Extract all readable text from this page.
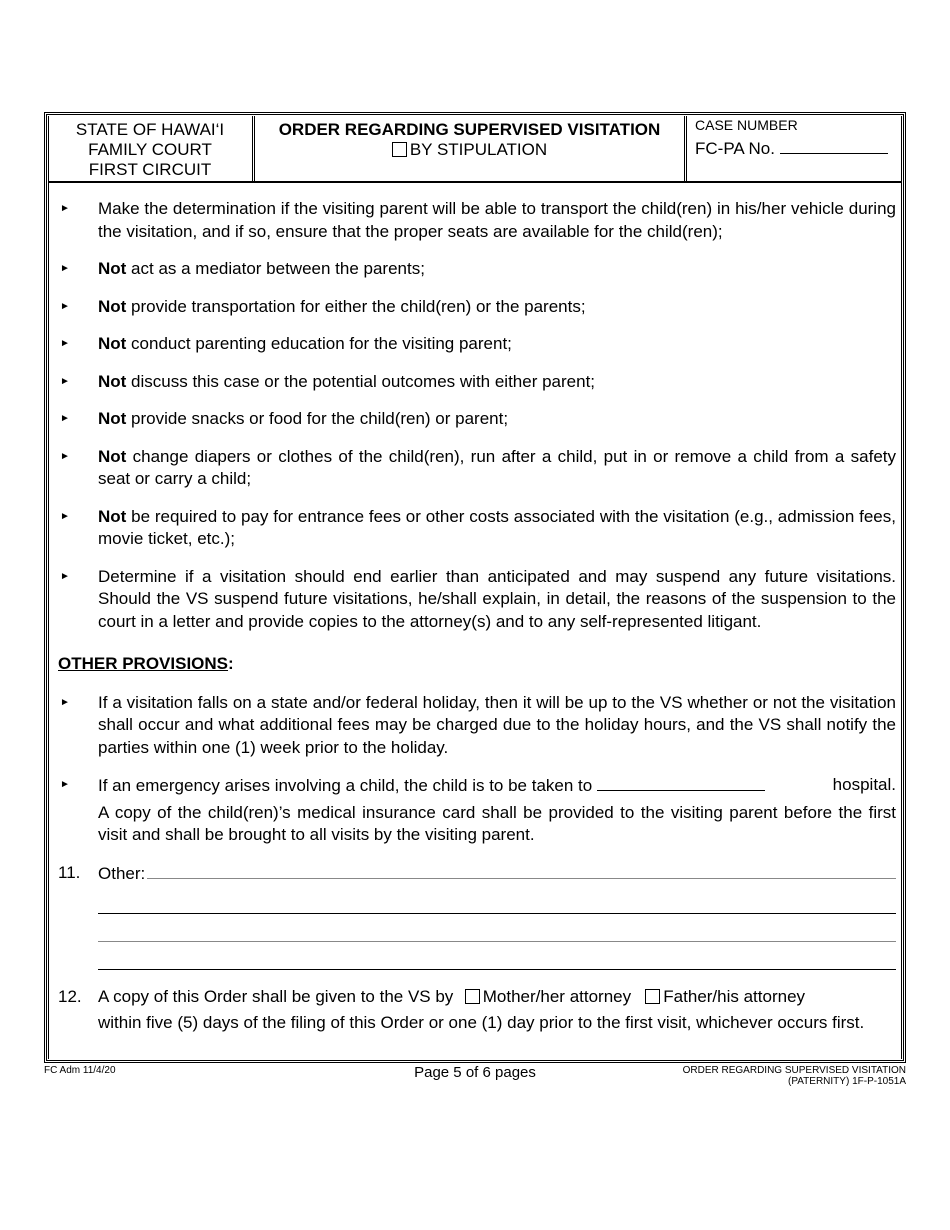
STATE OF HAWAI‘I
FAMILY COURT
FIRST CIRCUIT
ORDER REGARDING SUPERVISED VISITATION
BY STIPULATION
CASE NUMBER
FC-PA No.
► Make the determination if the visiting parent will be able to transport the child(ren) in his/her vehicle during the visitation, and if so, ensure that the proper seats are available for the child(ren);
► Not act as a mediator between the parents;
► Not provide transportation for either the child(ren) or the parents;
► Not conduct parenting education for the visiting parent;
► Not discuss this case or the potential outcomes with either parent;
► Not provide snacks or food for the child(ren) or parent;
► Not change diapers or clothes of the child(ren), run after a child, put in or remove a child from a safety seat or carry a child;
► Not be required to pay for entrance fees or other costs associated with the visitation (e.g., admission fees, movie ticket, etc.);
► Determine if a visitation should end earlier than anticipated and may suspend any future visitations. Should the VS suspend future visitations, he/shall explain, in detail, the reasons of the suspension to the court in a letter and provide copies to the attorney(s) and to any self-represented litigant.
OTHER PROVISIONS:
► If a visitation falls on a state and/or federal holiday, then it will be up to the VS whether or not the visitation shall occur and what additional fees may be charged due to the holiday hours, and the VS shall notify the parties within one (1) week prior to the holiday.
► If an emergency arises involving a child, the child is to be taken to	hospital.
A copy of the child(ren)’s medical insurance card shall be provided to the visiting parent before the first visit and shall be brought to all visits by the visiting parent.
11. Other:
12. A copy of this Order shall be given to the VS by Mother/her attorney Father/his attorney
within five (5) days of the filing of this Order or one (1) day prior to the first visit, whichever occurs first.
FC Adm 11/4/20	Page 5 of 6 pages	ORDER REGARDING SUPERVISED VISITATION
(PATERNITY) 1F-P-1051A
